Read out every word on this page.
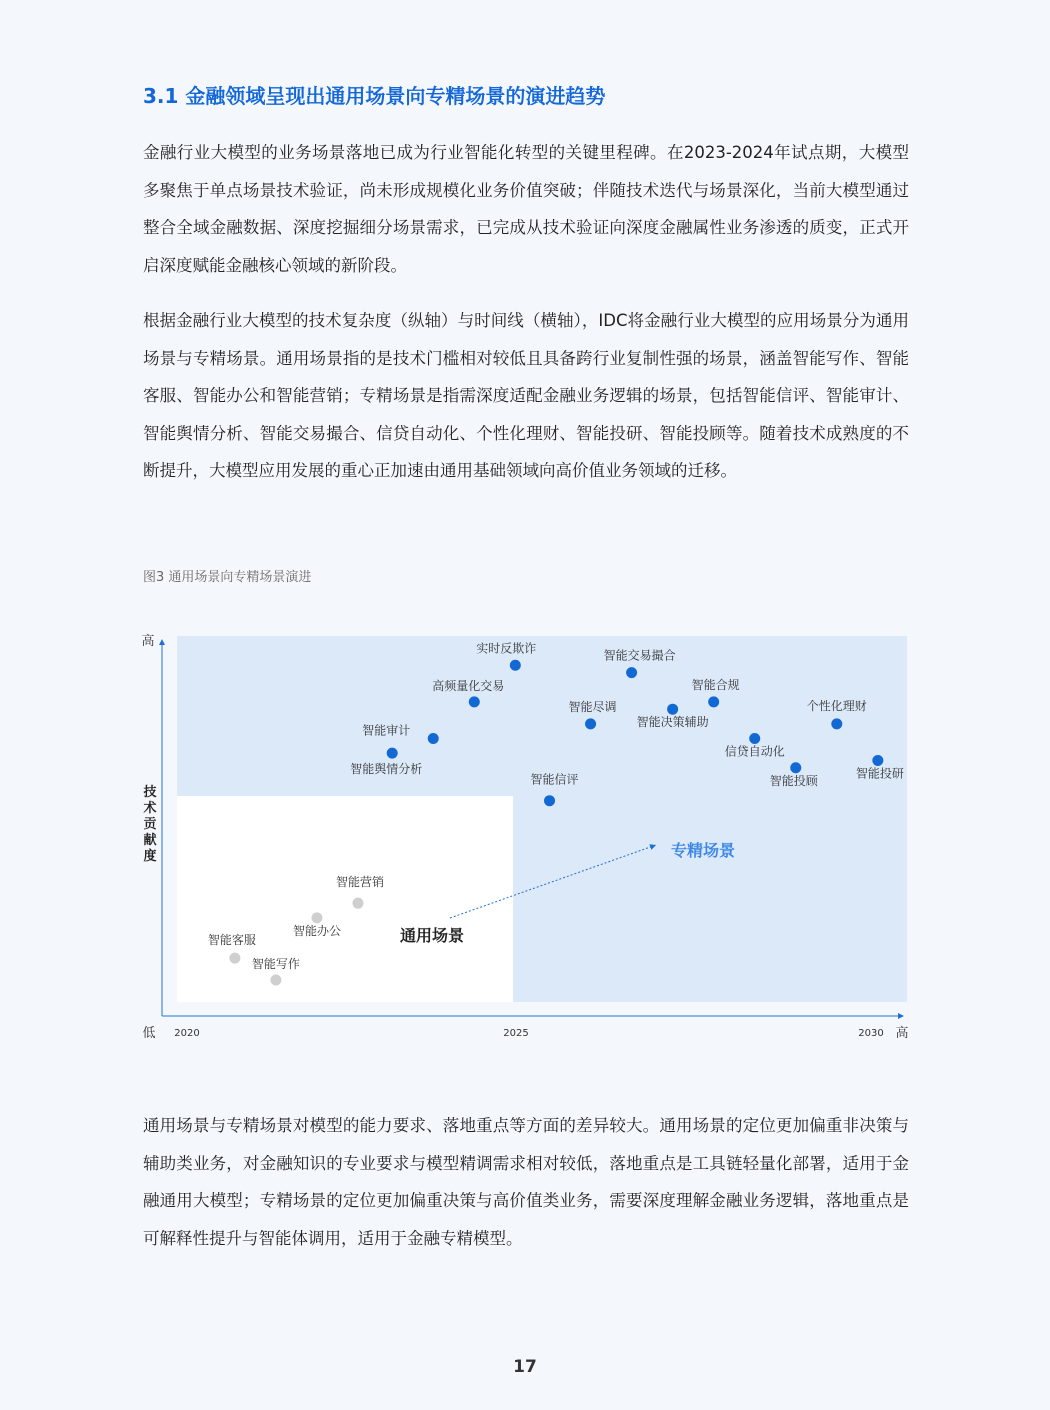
3.1 金融领域呈现出通用场景向专精场景的演进趋势

金融行业大模型的业务场景落地已成为行业智能化转型的关键里程碑。在2023-2024年试点期，大模型多聚焦于单点场景技术验证，尚未形成规模化业务价值突破；伴随技术迭代与场景深化，当前大模型通过整合全域金融数据、深度挖掘细分场景需求，已完成从技术验证向深度金融属性业务渗透的质变，正式开启深度赋能金融核心领域的新阶段。

根据金融行业大模型的技术复杂度（纵轴）与时间线（横轴），IDC将金融行业大模型的应用场景分为通用场景与专精场景。通用场景指的是技术门槛相对较低且具备跨行业复制性强的场景，涵盖智能写作、智能客服、智能办公和智能营销；专精场景是指需深度适配金融业务逻辑的场景，包括智能信评、智能审计、智能舆情分析、智能交易撮合、信贷自动化、个性化理财、智能投研、智能投顾等。随着技术成熟度的不断提升，大模型应用发展的重心正加速由通用基础领域向高价值业务领域的迁移。

图3 通用场景向专精场景演进
高
低	高
技
术
贡
献
度
2020	2025	2030
通用场景
专精场景
智能客服
智能写作
智能办公
智能营销
智能舆情分析
智能审计
高频量化交易
实时反欺诈
智能信评
智能尽调
智能交易撮合
智能决策辅助
智能合规
信贷自动化
智能投顾
个性化理财
智能投研

通用场景与专精场景对模型的能力要求、落地重点等方面的差异较大。通用场景的定位更加偏重非决策与辅助类业务，对金融知识的专业要求与模型精调需求相对较低，落地重点是工具链轻量化部署，适用于金融通用大模型；专精场景的定位更加偏重决策与高价值类业务，需要深度理解金融业务逻辑，落地重点是可解释性提升与智能体调用，适用于金融专精模型。

17
